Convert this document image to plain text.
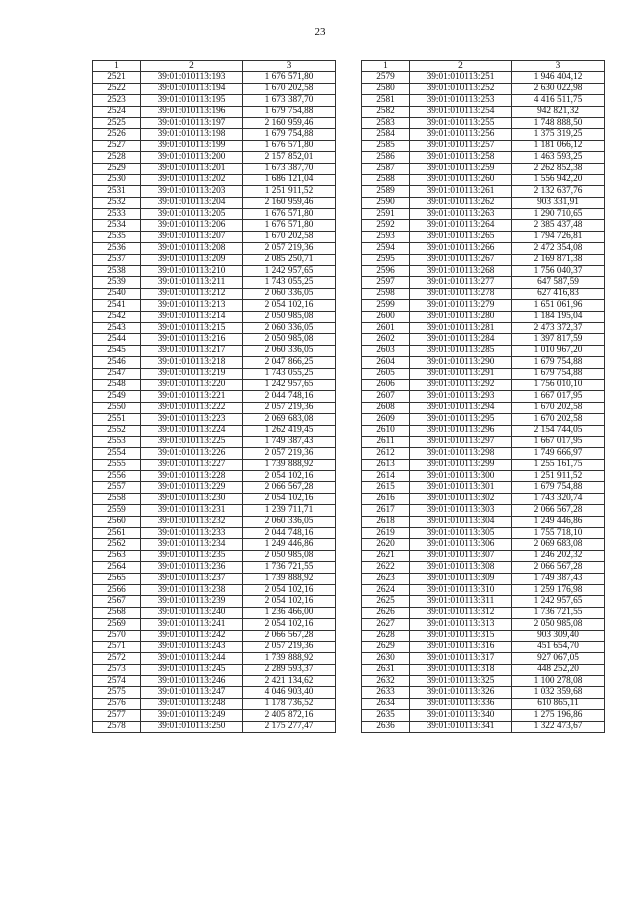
23
1	2	3
2521	39:01:010113:193	1 676 571,80
2522	39:01:010113:194	1 670 202,58
2523	39:01:010113:195	1 673 387,70
2524	39:01:010113:196	1 679 754,88
2525	39:01:010113:197	2 160 959,46
2526	39:01:010113:198	1 679 754,88
2527	39:01:010113:199	1 676 571,80
2528	39:01:010113:200	2 157 852,01
2529	39:01:010113:201	1 673 387,70
2530	39:01:010113:202	1 686 121,04
2531	39:01:010113:203	1 251 911,52
2532	39:01:010113:204	2 160 959,46
2533	39:01:010113:205	1 676 571,80
2534	39:01:010113:206	1 676 571,80
2535	39:01:010113:207	1 670 202,58
2536	39:01:010113:208	2 057 219,36
2537	39:01:010113:209	2 085 250,71
2538	39:01:010113:210	1 242 957,65
2539	39:01:010113:211	1 743 055,25
2540	39:01:010113:212	2 060 336,05
2541	39:01:010113:213	2 054 102,16
2542	39:01:010113:214	2 050 985,08
2543	39:01:010113:215	2 060 336,05
2544	39:01:010113:216	2 050 985,08
2545	39:01:010113:217	2 060 336,05
2546	39:01:010113:218	2 047 866,25
2547	39:01:010113:219	1 743 055,25
2548	39:01:010113:220	1 242 957,65
2549	39:01:010113:221	2 044 748,16
2550	39:01:010113:222	2 057 219,36
2551	39:01:010113:223	2 069 683,08
2552	39:01:010113:224	1 262 419,45
2553	39:01:010113:225	1 749 387,43
2554	39:01:010113:226	2 057 219,36
2555	39:01:010113:227	1 739 888,92
2556	39:01:010113:228	2 054 102,16
2557	39:01:010113:229	2 066 567,28
2558	39:01:010113:230	2 054 102,16
2559	39:01:010113:231	1 239 711,71
2560	39:01:010113:232	2 060 336,05
2561	39:01:010113:233	2 044 748,16
2562	39:01:010113:234	1 249 446,86
2563	39:01:010113:235	2 050 985,08
2564	39:01:010113:236	1 736 721,55
2565	39:01:010113:237	1 739 888,92
2566	39:01:010113:238	2 054 102,16
2567	39:01:010113:239	2 054 102,16
2568	39:01:010113:240	1 236 466,00
2569	39:01:010113:241	2 054 102,16
2570	39:01:010113:242	2 066 567,28
2571	39:01:010113:243	2 057 219,36
2572	39:01:010113:244	1 739 888,92
2573	39:01:010113:245	2 289 593,37
2574	39:01:010113:246	2 421 134,62
2575	39:01:010113:247	4 046 903,40
2576	39:01:010113:248	1 178 736,52
2577	39:01:010113:249	2 405 872,16
2578	39:01:010113:250	2 175 277,47
1	2	3
2579	39:01:010113:251	1 946 404,12
2580	39:01:010113:252	2 630 022,98
2581	39:01:010113:253	4 416 511,75
2582	39:01:010113:254	942 821,32
2583	39:01:010113:255	1 748 888,50
2584	39:01:010113:256	1 375 319,25
2585	39:01:010113:257	1 181 066,12
2586	39:01:010113:258	1 463 593,25
2587	39:01:010113:259	2 262 852,38
2588	39:01:010113:260	1 556 942,20
2589	39:01:010113:261	2 132 637,76
2590	39:01:010113:262	903 331,91
2591	39:01:010113:263	1 290 710,65
2592	39:01:010113:264	2 385 437,48
2593	39:01:010113:265	1 794 726,81
2594	39:01:010113:266	2 472 354,08
2595	39:01:010113:267	2 169 871,38
2596	39:01:010113:268	1 756 040,37
2597	39:01:010113:277	647 587,59
2598	39:01:010113:278	627 416,83
2599	39:01:010113:279	1 651 061,96
2600	39:01:010113:280	1 184 195,04
2601	39:01:010113:281	2 473 372,37
2602	39:01:010113:284	1 397 817,59
2603	39:01:010113:285	1 010 967,20
2604	39:01:010113:290	1 679 754,88
2605	39:01:010113:291	1 679 754,88
2606	39:01:010113:292	1 756 010,10
2607	39:01:010113:293	1 667 017,95
2608	39:01:010113:294	1 670 202,58
2609	39:01:010113:295	1 670 202,58
2610	39:01:010113:296	2 154 744,05
2611	39:01:010113:297	1 667 017,95
2612	39:01:010113:298	1 749 666,97
2613	39:01:010113:299	1 255 161,75
2614	39:01:010113:300	1 251 911,52
2615	39:01:010113:301	1 679 754,88
2616	39:01:010113:302	1 743 320,74
2617	39:01:010113:303	2 066 567,28
2618	39:01:010113:304	1 249 446,86
2619	39:01:010113:305	1 755 718,10
2620	39:01:010113:306	2 069 683,08
2621	39:01:010113:307	1 246 202,32
2622	39:01:010113:308	2 066 567,28
2623	39:01:010113:309	1 749 387,43
2624	39:01:010113:310	1 259 176,98
2625	39:01:010113:311	1 242 957,65
2626	39:01:010113:312	1 736 721,55
2627	39:01:010113:313	2 050 985,08
2628	39:01:010113:315	903 309,40
2629	39:01:010113:316	451 654,70
2630	39:01:010113:317	927 067,05
2631	39:01:010113:318	448 252,20
2632	39:01:010113:325	1 100 278,08
2633	39:01:010113:326	1 032 359,68
2634	39:01:010113:336	610 865,11
2635	39:01:010113:340	1 275 196,86
2636	39:01:010113:341	1 322 473,67
